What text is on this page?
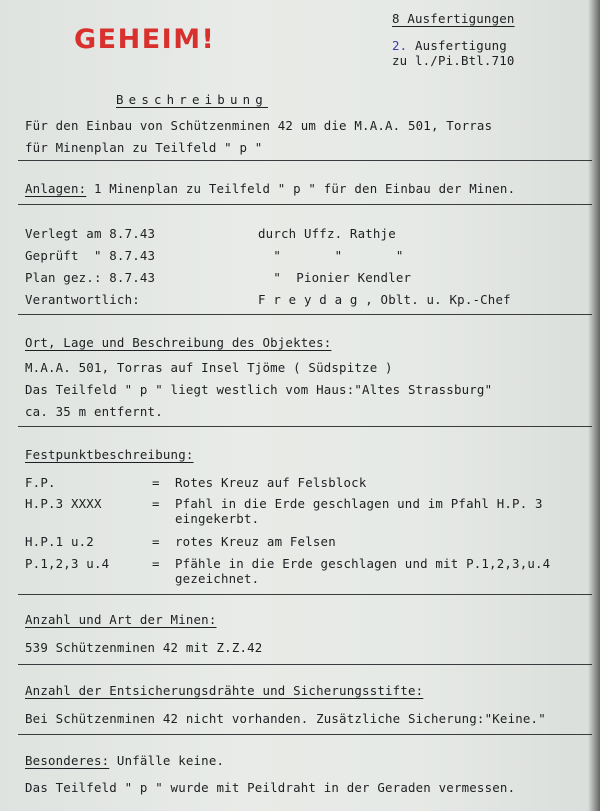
GEHEIM!
8 Ausfertigungen
2. Ausfertigung
zu l./Pi.Btl.710
Beschreibung
Für den Einbau von Schützenminen 42 um die M.A.A. 501, Torras
für Minenplan zu Teilfeld " p "
Anlagen: 1 Minenplan zu Teilfeld " p " für den Einbau der Minen.
Verlegt am 8.7.43	durch Uffz. Rathje
Geprüft  " 8.7.43	"       "       "
Plan gez.: 8.7.43	"  Pionier Kendler
Verantwortlich:	F r e y d a g , Oblt. u. Kp.-Chef
Ort, Lage und Beschreibung des Objektes:
M.A.A. 501, Torras auf Insel Tjöme ( Südspitze )
Das Teilfeld " p " liegt westlich vom Haus:"Altes Strassburg"
ca. 35 m entfernt.
Festpunktbeschreibung:
F.P.	= Rotes Kreuz auf Felsblock
H.P.3 XXXX	= Pfahl in die Erde geschlagen und im Pfahl H.P. 3
eingekerbt.
H.P.1 u.2	= rotes Kreuz am Felsen
P.1,2,3 u.4	= Pfähle in die Erde geschlagen und mit P.1,2,3,u.4
gezeichnet.
Anzahl und Art der Minen:
539 Schützenminen 42 mit Z.Z.42
Anzahl der Entsicherungsdrähte und Sicherungsstifte:
Bei Schützenminen 42 nicht vorhanden. Zusätzliche Sicherung:"Keine."
Besonderes: Unfälle keine.
Das Teilfeld " p " wurde mit Peildraht in der Geraden vermessen.
